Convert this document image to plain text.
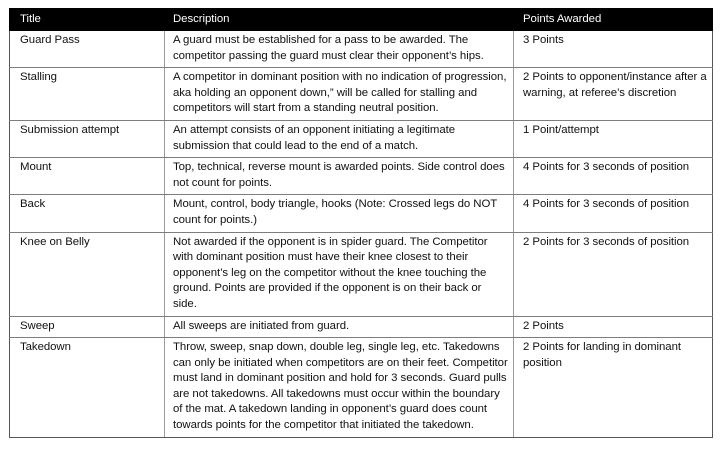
Title	Description	Points Awarded

Guard Pass	A guard must be established for a pass to be awarded. The competitor passing the guard must clear their opponent’s hips.	3 Points

Stalling	A competitor in dominant position with no indication of progression, aka holding an opponent down,” will be called for stalling and competitors will start from a standing neutral position.	2 Points to opponent/instance after a warning, at referee’s discretion

Submission attempt	An attempt consists of an opponent initiating a legitimate submission that could lead to the end of a match.	1 Point/attempt

Mount	Top, technical, reverse mount is awarded points. Side control does not count for points.	4 Points for 3 seconds of position

Back	Mount, control, body triangle, hooks (Note: Crossed legs do NOT count for points.)	4 Points for 3 seconds of position

Knee on Belly	Not awarded if the opponent is in spider guard. The Competitor with dominant position must have their knee closest to their opponent’s leg on the competitor without the knee touching the ground. Points are provided if the opponent is on their back or side.	2 Points for 3 seconds of position

Sweep	All sweeps are initiated from guard.	2 Points

Takedown	Throw, sweep, snap down, double leg, single leg, etc. Takedowns can only be initiated when competitors are on their feet. Competitor must land in dominant position and hold for 3 seconds. Guard pulls are not takedowns. All takedowns must occur within the boundary of the mat. A takedown landing in opponent’s guard does count towards points for the competitor that initiated the takedown.	2 Points for landing in dominant position
